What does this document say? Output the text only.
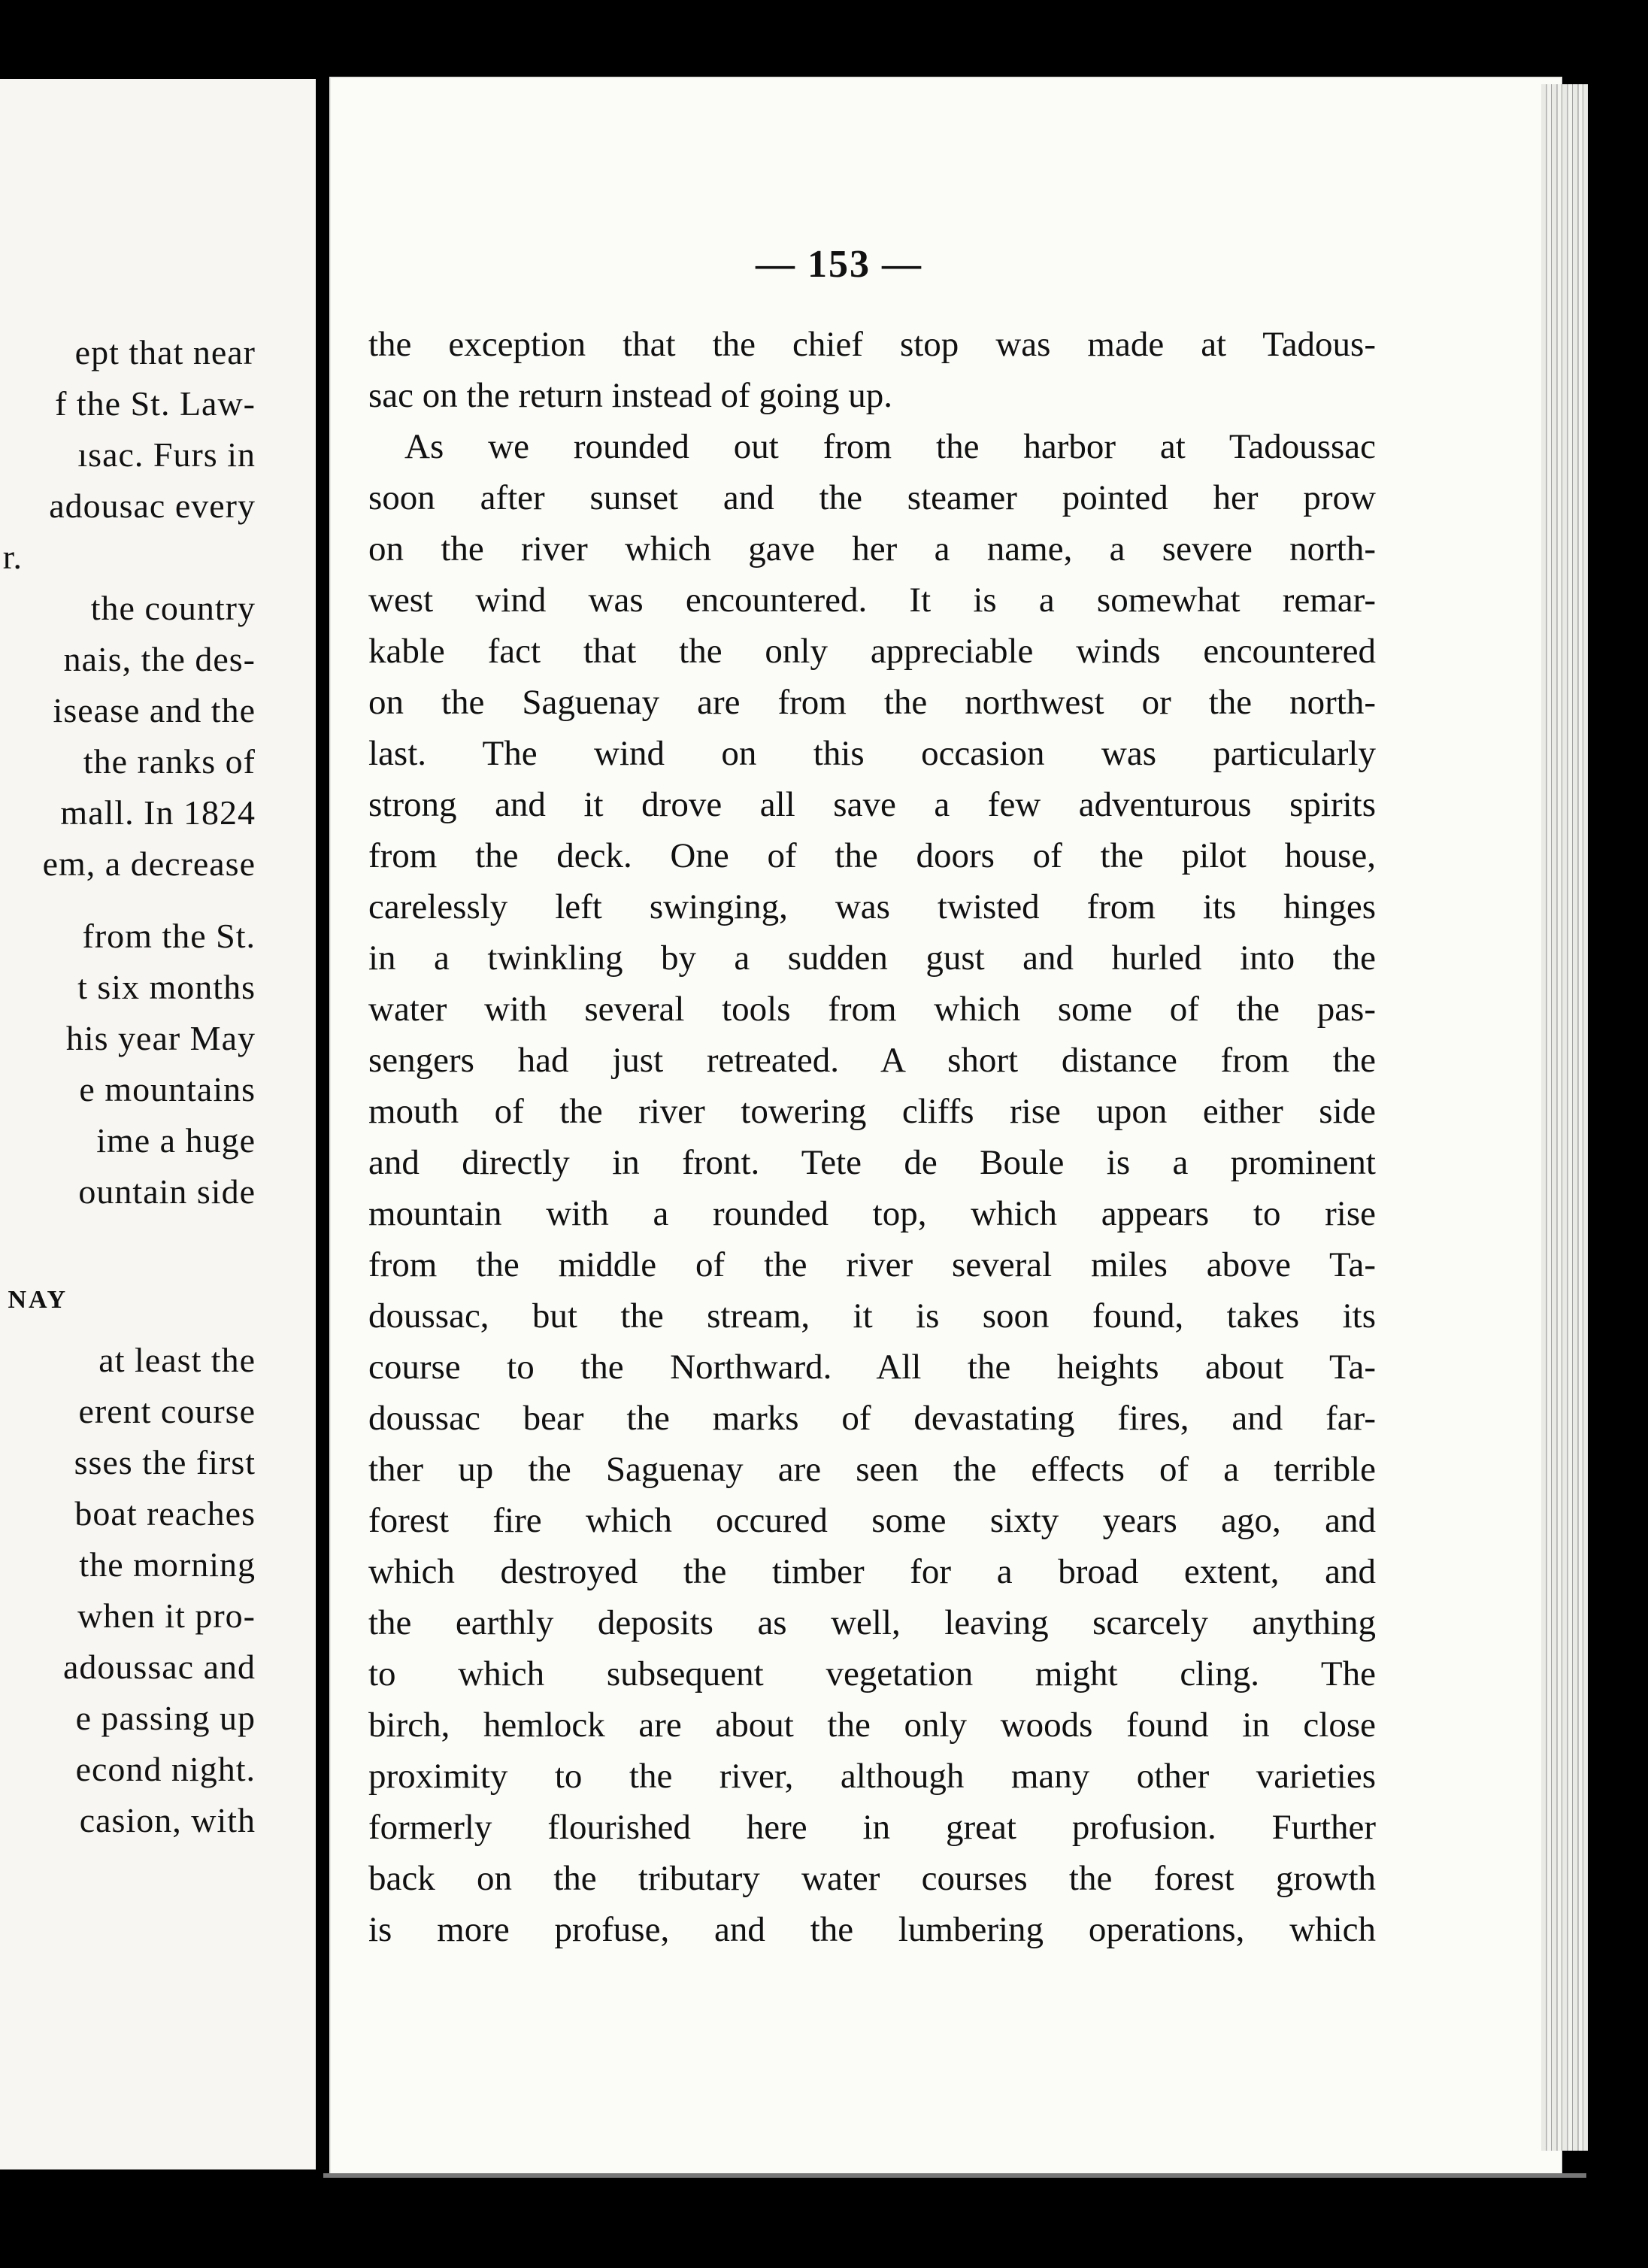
ept that near
f the St. Law-
ısac. Furs in
adousac every
r.
the country
nais, the des-
isease and the
the ranks of
mall. In 1824
em, a decrease
from the St.
t six months
his year May
e mountains
ime a huge
ountain side
NAY
at least the
erent course
sses the first
boat reaches
the morning
when it pro-
adoussac and
e passing up
econd night.
casion, with
— 153 —
the exception that the chief stop was made at Tadous-
sac on the return instead of going up.
As we rounded out from the harbor at Tadoussac
soon after sunset and the steamer pointed her prow
on the river which gave her a name, a severe north-
west wind was encountered. It is a somewhat remar-
kable fact that the only appreciable winds encountered
on the Saguenay are from the northwest or the north-
last. The wind on this occasion was particularly
strong and it drove all save a few adventurous spirits
from the deck. One of the doors of the pilot house,
carelessly left swinging, was twisted from its hinges
in a twinkling by a sudden gust and hurled into the
water with several tools from which some of the pas-
sengers had just retreated. A short distance from the
mouth of the river towering cliffs rise upon either side
and directly in front. Tete de Boule is a prominent
mountain with a rounded top, which appears to rise
from the middle of the river several miles above Ta-
doussac, but the stream, it is soon found, takes its
course to the Northward. All the heights about Ta-
doussac bear the marks of devastating fires, and far-
ther up the Saguenay are seen the effects of a terrible
forest fire which occured some sixty years ago, and
which destroyed the timber for a broad extent, and
the earthly deposits as well, leaving scarcely anything
to which subsequent vegetation might cling. The
birch, hemlock are about the only woods found in close
proximity to the river, although many other varieties
formerly flourished here in great profusion. Further
back on the tributary water courses the forest growth
is more profuse, and the lumbering operations, which
